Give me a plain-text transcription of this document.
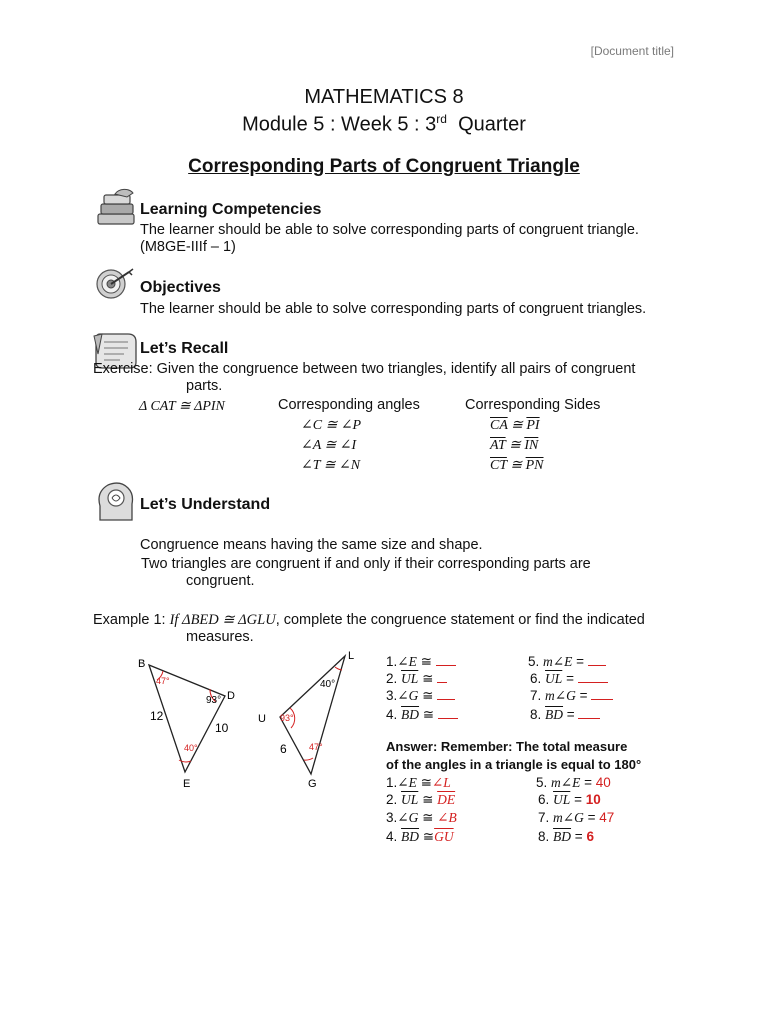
[Document title]
MATHEMATICS 8
Module 5 : Week 5 : 3rd  Quarter
Corresponding Parts of Congruent Triangle
Learning Competencies
The learner should be able to solve corresponding parts of congruent triangle.
(M8GE-IIIf – 1)
Objectives
The learner should be able to solve corresponding parts of congruent triangles.
Let’s Recall
Exercise: Given the congruence between two triangles, identify all pairs of congruent
parts.
Δ CAT ≅ ΔPIN	Corresponding angles	Corresponding Sides
∠C ≅ ∠P
∠A ≅ ∠I
∠T ≅ ∠N
$\overline{CA}$ ≅ $\overline{PI}$
$\overline{AT}$ ≅ $\overline{IN}$
$\overline{CT}$ ≅ $\overline{PN}$
Let’s Understand
Congruence means having the same size and shape.
Two triangles are congruent if and only if their corresponding parts are
congruent.
Example 1: If ΔBED ≅ ΔGLU, complete the congruence statement or find the indicated
measures.
B
D
E
47°
93°
40°
12
10
L
U
G
40°
93°
47°
6
1.∠E ≅
2. $\overline{UL}$ ≅
3.∠G ≅
4. $\overline{BD}$ ≅
5. m∠E =
6. $\overline{UL}$ =
7. m∠G =
8. $\overline{BD}$ =
Answer: Remember: The total measure
of the angles in a triangle is equal to 180°
1.∠E ≅∠L
2. $\overline{UL}$ ≅ $\overline{DE}$
3.∠G ≅ ∠B
4. $\overline{BD}$ $≅\overline{GU}$
5. m∠E = 40
6. $\overline{UL} = 10$
7. m∠G = 47
8. $\overline{BD} = 6$
